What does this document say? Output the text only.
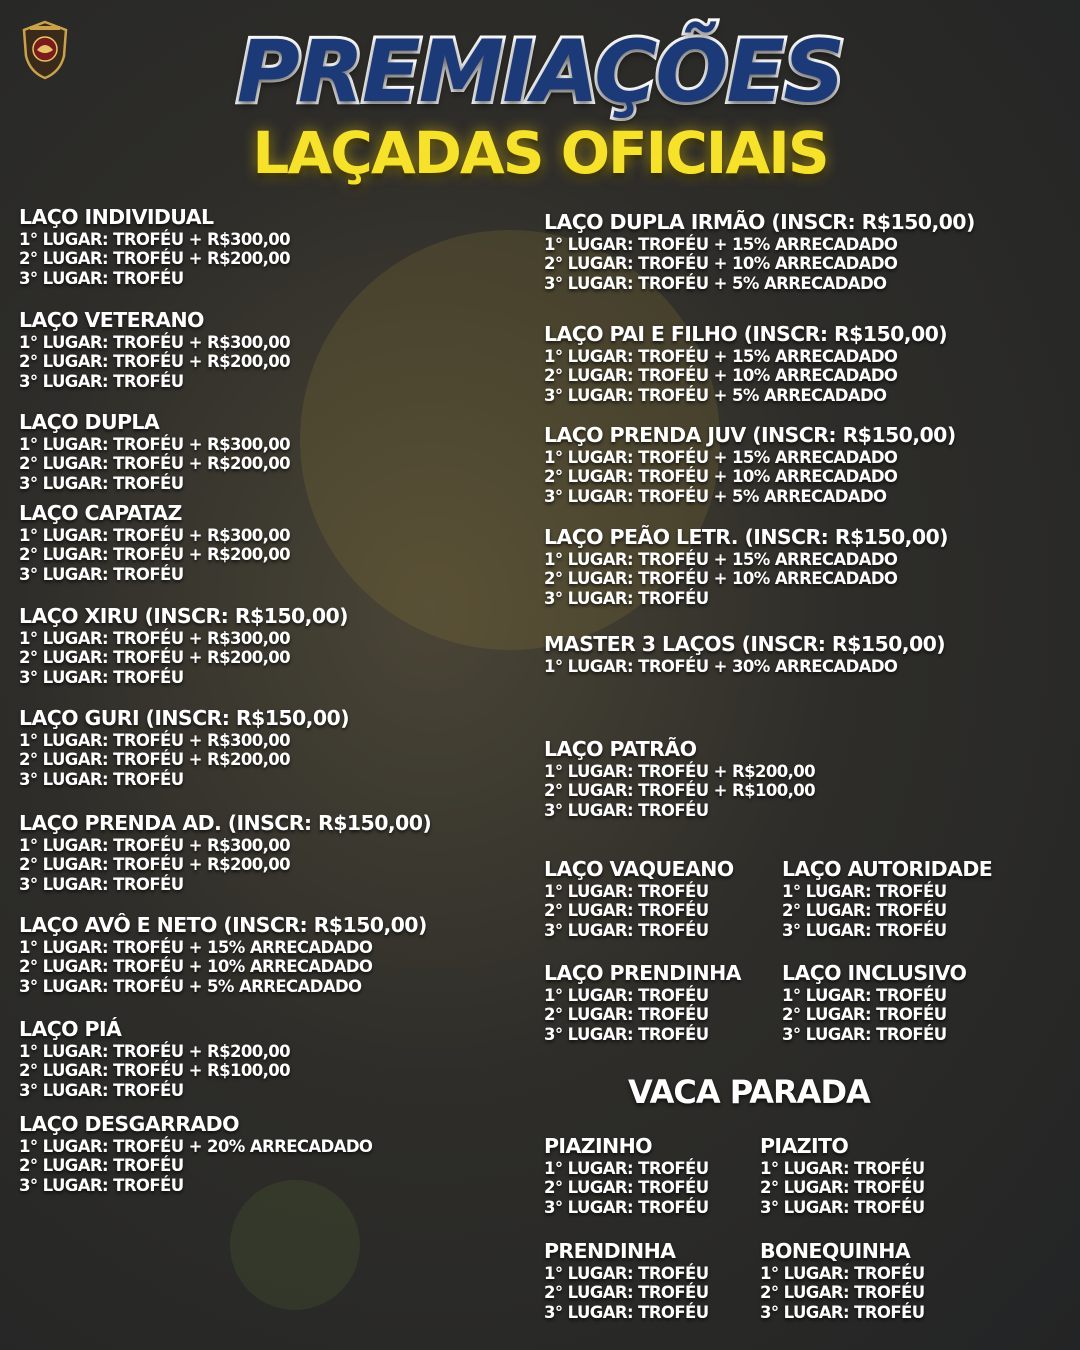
PREMIAÇÕES
LAÇADAS OFICIAIS
LAÇO INDIVIDUAL
1° LUGAR: TROFÉU + R$300,00
2° LUGAR: TROFÉU + R$200,00
3° LUGAR: TROFÉU
LAÇO VETERANO
1° LUGAR: TROFÉU + R$300,00
2° LUGAR: TROFÉU + R$200,00
3° LUGAR: TROFÉU
LAÇO DUPLA
1° LUGAR: TROFÉU + R$300,00
2° LUGAR: TROFÉU + R$200,00
3° LUGAR: TROFÉU
LAÇO CAPATAZ
1° LUGAR: TROFÉU + R$300,00
2° LUGAR: TROFÉU + R$200,00
3° LUGAR: TROFÉU
LAÇO XIRU (INSCR: R$150,00)
1° LUGAR: TROFÉU + R$300,00
2° LUGAR: TROFÉU + R$200,00
3° LUGAR: TROFÉU
LAÇO GURI (INSCR: R$150,00)
1° LUGAR: TROFÉU + R$300,00
2° LUGAR: TROFÉU + R$200,00
3° LUGAR: TROFÉU
LAÇO PRENDA AD. (INSCR: R$150,00)
1° LUGAR: TROFÉU + R$300,00
2° LUGAR: TROFÉU + R$200,00
3° LUGAR: TROFÉU
LAÇO AVÔ E NETO (INSCR: R$150,00)
1° LUGAR: TROFÉU + 15% ARRECADADO
2° LUGAR: TROFÉU + 10% ARRECADADO
3° LUGAR: TROFÉU + 5% ARRECADADO
LAÇO PIÁ
1° LUGAR: TROFÉU + R$200,00
2° LUGAR: TROFÉU + R$100,00
3° LUGAR: TROFÉU
LAÇO DESGARRADO
1° LUGAR: TROFÉU + 20% ARRECADADO
2° LUGAR: TROFÉU
3° LUGAR: TROFÉU
LAÇO DUPLA IRMÃO (INSCR: R$150,00)
1° LUGAR: TROFÉU + 15% ARRECADADO
2° LUGAR: TROFÉU + 10% ARRECADADO
3° LUGAR: TROFÉU + 5% ARRECADADO
LAÇO PAI E FILHO (INSCR: R$150,00)
1° LUGAR: TROFÉU + 15% ARRECADADO
2° LUGAR: TROFÉU + 10% ARRECADADO
3° LUGAR: TROFÉU + 5% ARRECADADO
LAÇO PRENDA JUV (INSCR: R$150,00)
1° LUGAR: TROFÉU + 15% ARRECADADO
2° LUGAR: TROFÉU + 10% ARRECADADO
3° LUGAR: TROFÉU + 5% ARRECADADO
LAÇO PEÃO LETR. (INSCR: R$150,00)
1° LUGAR: TROFÉU + 15% ARRECADADO
2° LUGAR: TROFÉU + 10% ARRECADADO
3° LUGAR: TROFÉU
MASTER 3 LAÇOS (INSCR: R$150,00)
1° LUGAR: TROFÉU + 30% ARRECADADO
LAÇO PATRÃO
1° LUGAR: TROFÉU + R$200,00
2° LUGAR: TROFÉU + R$100,00
3° LUGAR: TROFÉU
LAÇO VAQUEANO
1° LUGAR: TROFÉU
2° LUGAR: TROFÉU
3° LUGAR: TROFÉU
LAÇO AUTORIDADE
1° LUGAR: TROFÉU
2° LUGAR: TROFÉU
3° LUGAR: TROFÉU
LAÇO PRENDINHA
1° LUGAR: TROFÉU
2° LUGAR: TROFÉU
3° LUGAR: TROFÉU
LAÇO INCLUSIVO
1° LUGAR: TROFÉU
2° LUGAR: TROFÉU
3° LUGAR: TROFÉU
VACA PARADA
PIAZINHO
1° LUGAR: TROFÉU
2° LUGAR: TROFÉU
3° LUGAR: TROFÉU
PIAZITO
1° LUGAR: TROFÉU
2° LUGAR: TROFÉU
3° LUGAR: TROFÉU
PRENDINHA
1° LUGAR: TROFÉU
2° LUGAR: TROFÉU
3° LUGAR: TROFÉU
BONEQUINHA
1° LUGAR: TROFÉU
2° LUGAR: TROFÉU
3° LUGAR: TROFÉU
